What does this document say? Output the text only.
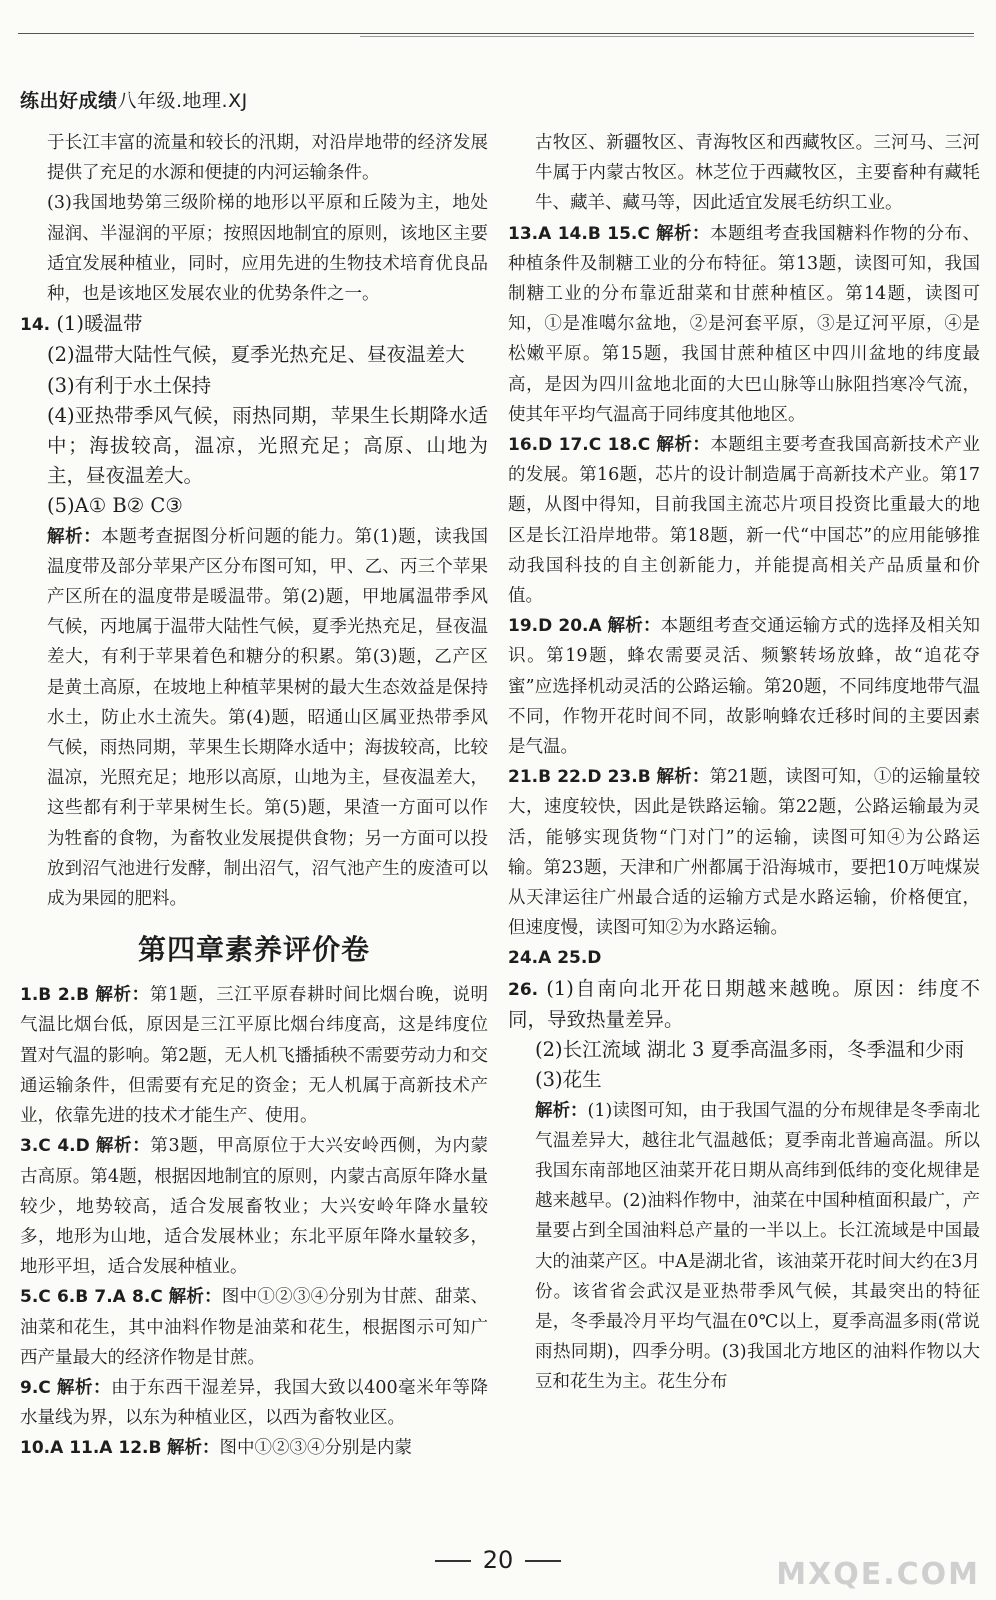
练出好成绩八年级.地理.XJ

于长江丰富的流量和较长的汛期，对沿岸地带的经济发展提供了充足的水源和便捷的内河运输条件。

(3)我国地势第三级阶梯的地形以平原和丘陵为主，地处湿润、半湿润的平原；按照因地制宜的原则，该地区主要适宜发展种植业，同时，应用先进的生物技术培育优良品种，也是该地区发展农业的优势条件之一。

14. (1)暖温带

(2)温带大陆性气候，夏季光热充足、昼夜温差大

(3)有利于水土保持

(4)亚热带季风气候，雨热同期，苹果生长期降水适中；海拔较高，温凉，光照充足；高原、山地为主，昼夜温差大。

(5)A① B② C③

解析：本题考查据图分析问题的能力。第(1)题，读我国温度带及部分苹果产区分布图可知，甲、乙、丙三个苹果产区所在的温度带是暖温带。第(2)题，甲地属温带季风气候，丙地属于温带大陆性气候，夏季光热充足，昼夜温差大，有利于苹果着色和糖分的积累。第(3)题，乙产区是黄土高原，在坡地上种植苹果树的最大生态效益是保持水土，防止水土流失。第(4)题，昭通山区属亚热带季风气候，雨热同期，苹果生长期降水适中；海拔较高，比较温凉，光照充足；地形以高原，山地为主，昼夜温差大，这些都有利于苹果树生长。第(5)题，果渣一方面可以作为牲畜的食物，为畜牧业发展提供食物；另一方面可以投放到沼气池进行发酵，制出沼气，沼气池产生的废渣可以成为果园的肥料。

第四章素养评价卷

1.B 2.B 解析：第1题，三江平原春耕时间比烟台晚，说明气温比烟台低，原因是三江平原比烟台纬度高，这是纬度位置对气温的影响。第2题，无人机飞播插秧不需要劳动力和交通运输条件，但需要有充足的资金；无人机属于高新技术产业，依靠先进的技术才能生产、使用。

3.C 4.D 解析：第3题，甲高原位于大兴安岭西侧，为内蒙古高原。第4题，根据因地制宜的原则，内蒙古高原年降水量较少，地势较高，适合发展畜牧业；大兴安岭年降水量较多，地形为山地，适合发展林业；东北平原年降水量较多，地形平坦，适合发展种植业。

5.C 6.B 7.A 8.C 解析：图中①②③④分别为甘蔗、甜菜、油菜和花生，其中油料作物是油菜和花生，根据图示可知广西产量最大的经济作物是甘蔗。

9.C 解析：由于东西干湿差异，我国大致以400毫米年等降水量线为界，以东为种植业区，以西为畜牧业区。

10.A 11.A 12.B 解析：图中①②③④分别是内蒙

古牧区、新疆牧区、青海牧区和西藏牧区。三河马、三河牛属于内蒙古牧区。林芝位于西藏牧区，主要畜种有藏牦牛、藏羊、藏马等，因此适宜发展毛纺织工业。

13.A 14.B 15.C 解析：本题组考查我国糖料作物的分布、种植条件及制糖工业的分布特征。第13题，读图可知，我国制糖工业的分布靠近甜菜和甘蔗种植区。第14题，读图可知，①是准噶尔盆地，②是河套平原，③是辽河平原，④是松嫩平原。第15题，我国甘蔗种植区中四川盆地的纬度最高，是因为四川盆地北面的大巴山脉等山脉阻挡寒冷气流，使其年平均气温高于同纬度其他地区。

16.D 17.C 18.C 解析：本题组主要考查我国高新技术产业的发展。第16题，芯片的设计制造属于高新技术产业。第17题，从图中得知，目前我国主流芯片项目投资比重最大的地区是长江沿岸地带。第18题，新一代“中国芯”的应用能够推动我国科技的自主创新能力，并能提高相关产品质量和价值。

19.D 20.A 解析：本题组考查交通运输方式的选择及相关知识。第19题，蜂农需要灵活、频繁转场放蜂，故“追花夺蜜”应选择机动灵活的公路运输。第20题，不同纬度地带气温不同，作物开花时间不同，故影响蜂农迁移时间的主要因素是气温。

21.B 22.D 23.B 解析：第21题，读图可知，①的运输量较大，速度较快，因此是铁路运输。第22题，公路运输最为灵活，能够实现货物“门对门”的运输，读图可知④为公路运输。第23题，天津和广州都属于沿海城市，要把10万吨煤炭从天津运往广州最合适的运输方式是水路运输，价格便宜，但速度慢，读图可知②为水路运输。

24.A 25.D

26. (1)自南向北开花日期越来越晚。原因：纬度不同，导致热量差异。

(2)长江流域 湖北 3 夏季高温多雨，冬季温和少雨

(3)花生

解析：(1)读图可知，由于我国气温的分布规律是冬季南北气温差异大，越往北气温越低；夏季南北普遍高温。所以我国东南部地区油菜开花日期从高纬到低纬的变化规律是越来越早。(2)油料作物中，油菜在中国种植面积最广，产量要占到全国油料总产量的一半以上。长江流域是中国最大的油菜产区。中A是湖北省，该油菜开花时间大约在3月份。该省省会武汉是亚热带季风气候，其最突出的特征是，冬季最冷月平均气温在0℃以上，夏季高温多雨(常说雨热同期)，四季分明。(3)我国北方地区的油料作物以大豆和花生为主。花生分布

20	MXQE.COM
